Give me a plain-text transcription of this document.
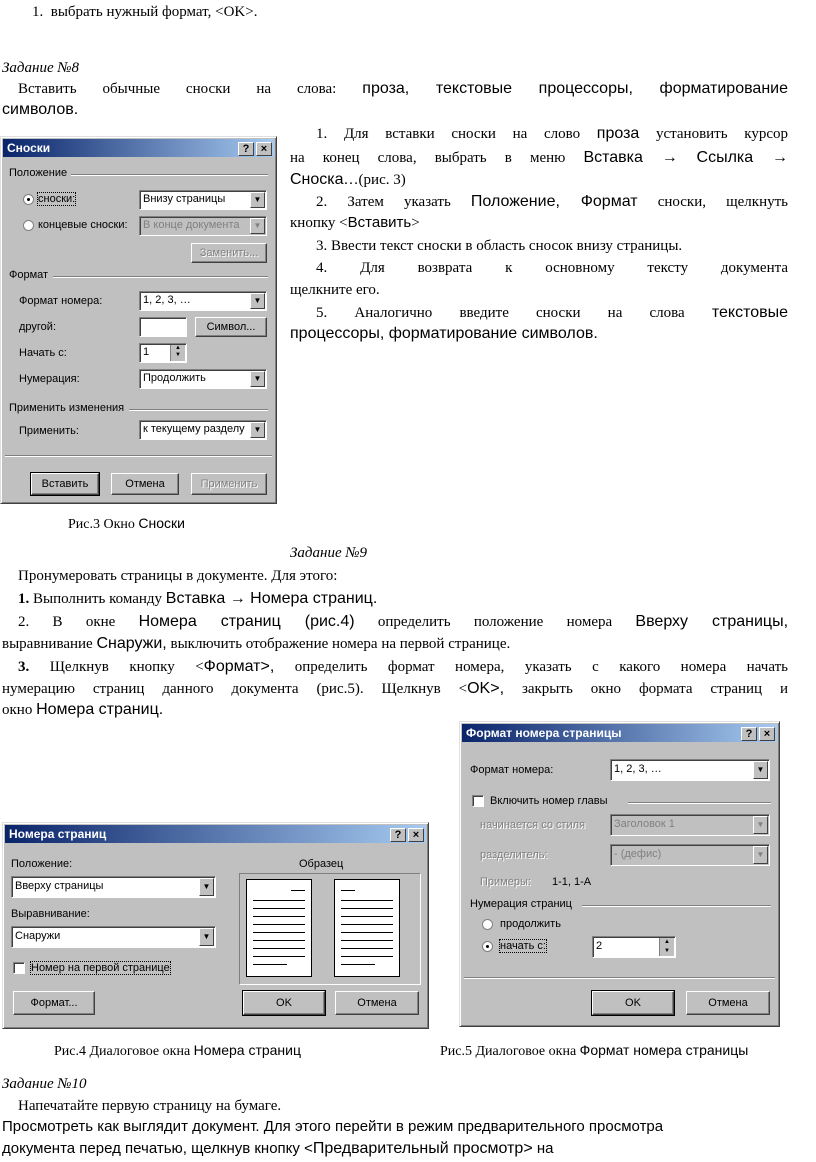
1. выбрать нужный формат, <OK>.
Задание №8
Вставить обычные сноски на слова: проза, текстовые процессоры, форматирование
символов.
1. Для вставки сноски на слово проза установить курсор
на конец слова, выбрать в меню Вставка → Ссылка →
Сноска…(рис. 3)
2. Затем указать Положение, Формат сноски, щелкнуть
кнопку <Вставить>
3. Ввести текст сноски в область сносок внизу страницы.
4. Для возврата к основному тексту документа
щелкните его.
5. Аналогично введите сноски на слова текстовые
процессоры, форматирование символов.
Сноски	?	×
Положение
сноски:	Внизу страницы	▼
концевые сноски:	В конце документа	▼
Заменить...
Формат
Формат номера:	1, 2, 3, …	▼
другой:	Символ...
Начать с:	1	▲
▼
Нумерация:	Продолжить	▼
Применить изменения
Применить:	к текущему разделу	▼
Вставить	Отмена	Применить
Рис.3 Окно Сноски
Задание №9
Пронумеровать страницы в документе. Для этого:
1. Выполнить команду Вставка → Номера страниц.
2. В окне Номера страниц (рис.4) определить положение номера Вверху страницы,
выравнивание Снаружи, выключить отображение номера на первой странице.
3. Щелкнув кнопку <Формат>, определить формат номера, указать с какого номера начать
нумерацию страниц данного документа (рис.5). Щелкнув <OK>, закрыть окно формата страниц и
окно Номера страниц.
Формат номера страницы	?	×
Формат номера:	1, 2, 3, …	▼
Включить номер главы
начинается со стиля	Заголовок 1	▼
разделитель:	- (дефис)	▼
Примеры: 1-1, 1-A
Нумерация страниц
продолжить
начать с:	2	▲
▼
OK	Отмена
Номера страниц	?	×
Положение:
Вверху страницы	▼
Выравнивание:
Снаружи	▼
Номер на первой странице
Образец
Формат...	OK	Отмена
Рис.4 Диалоговое окна Номера страниц	Рис.5 Диалоговое окна Формат номера страницы
Задание №10
Напечатайте первую страницу на бумаге.
Просмотреть как выглядит документ. Для этого перейти в режим предварительного просмотра
документа перед печатью, щелкнув кнопку <Предварительный просмотр> на
